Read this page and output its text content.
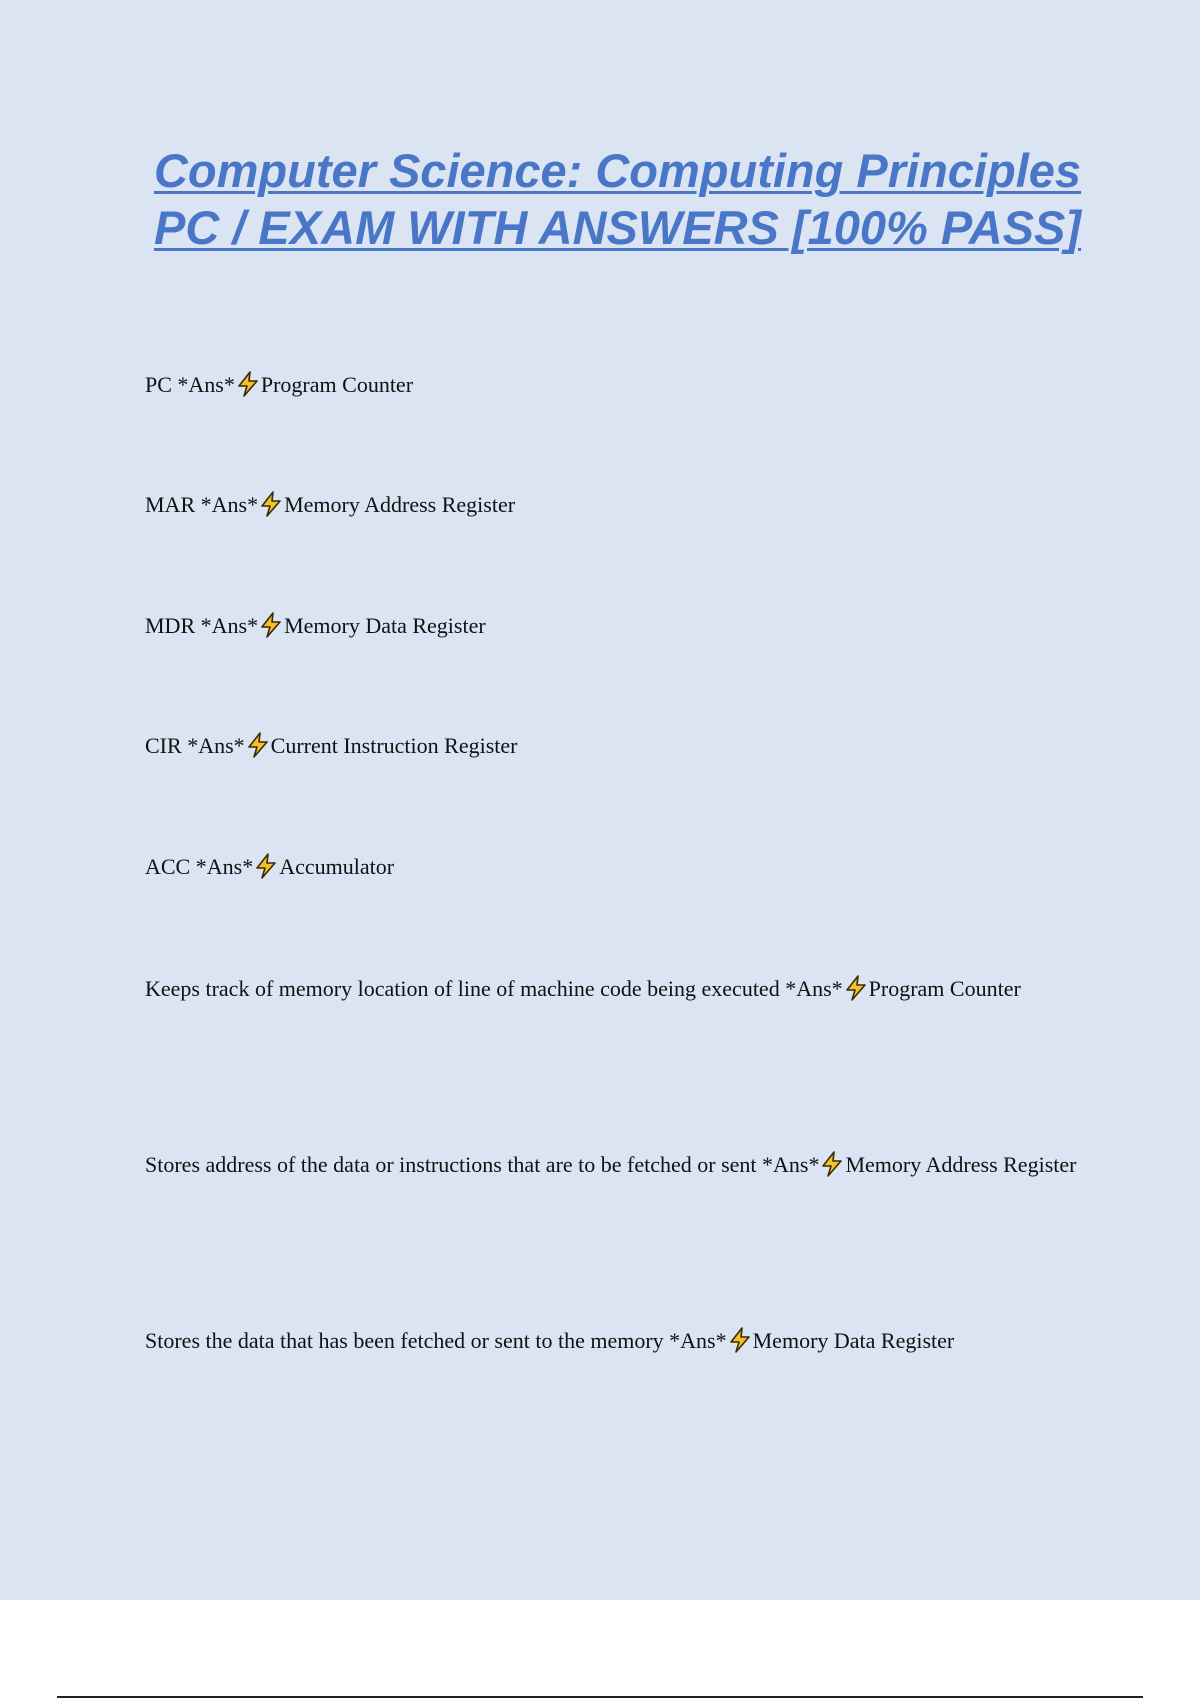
Computer Science: Computing Principles PC / EXAM WITH ANSWERS [100% PASS]

PC *Ans* Program Counter

MAR *Ans* Memory Address Register

MDR *Ans* Memory Data Register

CIR *Ans* Current Instruction Register

ACC *Ans* Accumulator

Keeps track of memory location of line of machine code being executed *Ans* Program Counter

Stores address of the data or instructions that are to be fetched or sent *Ans* Memory Address Register

Stores the data that has been fetched or sent to the memory *Ans* Memory Data Register
